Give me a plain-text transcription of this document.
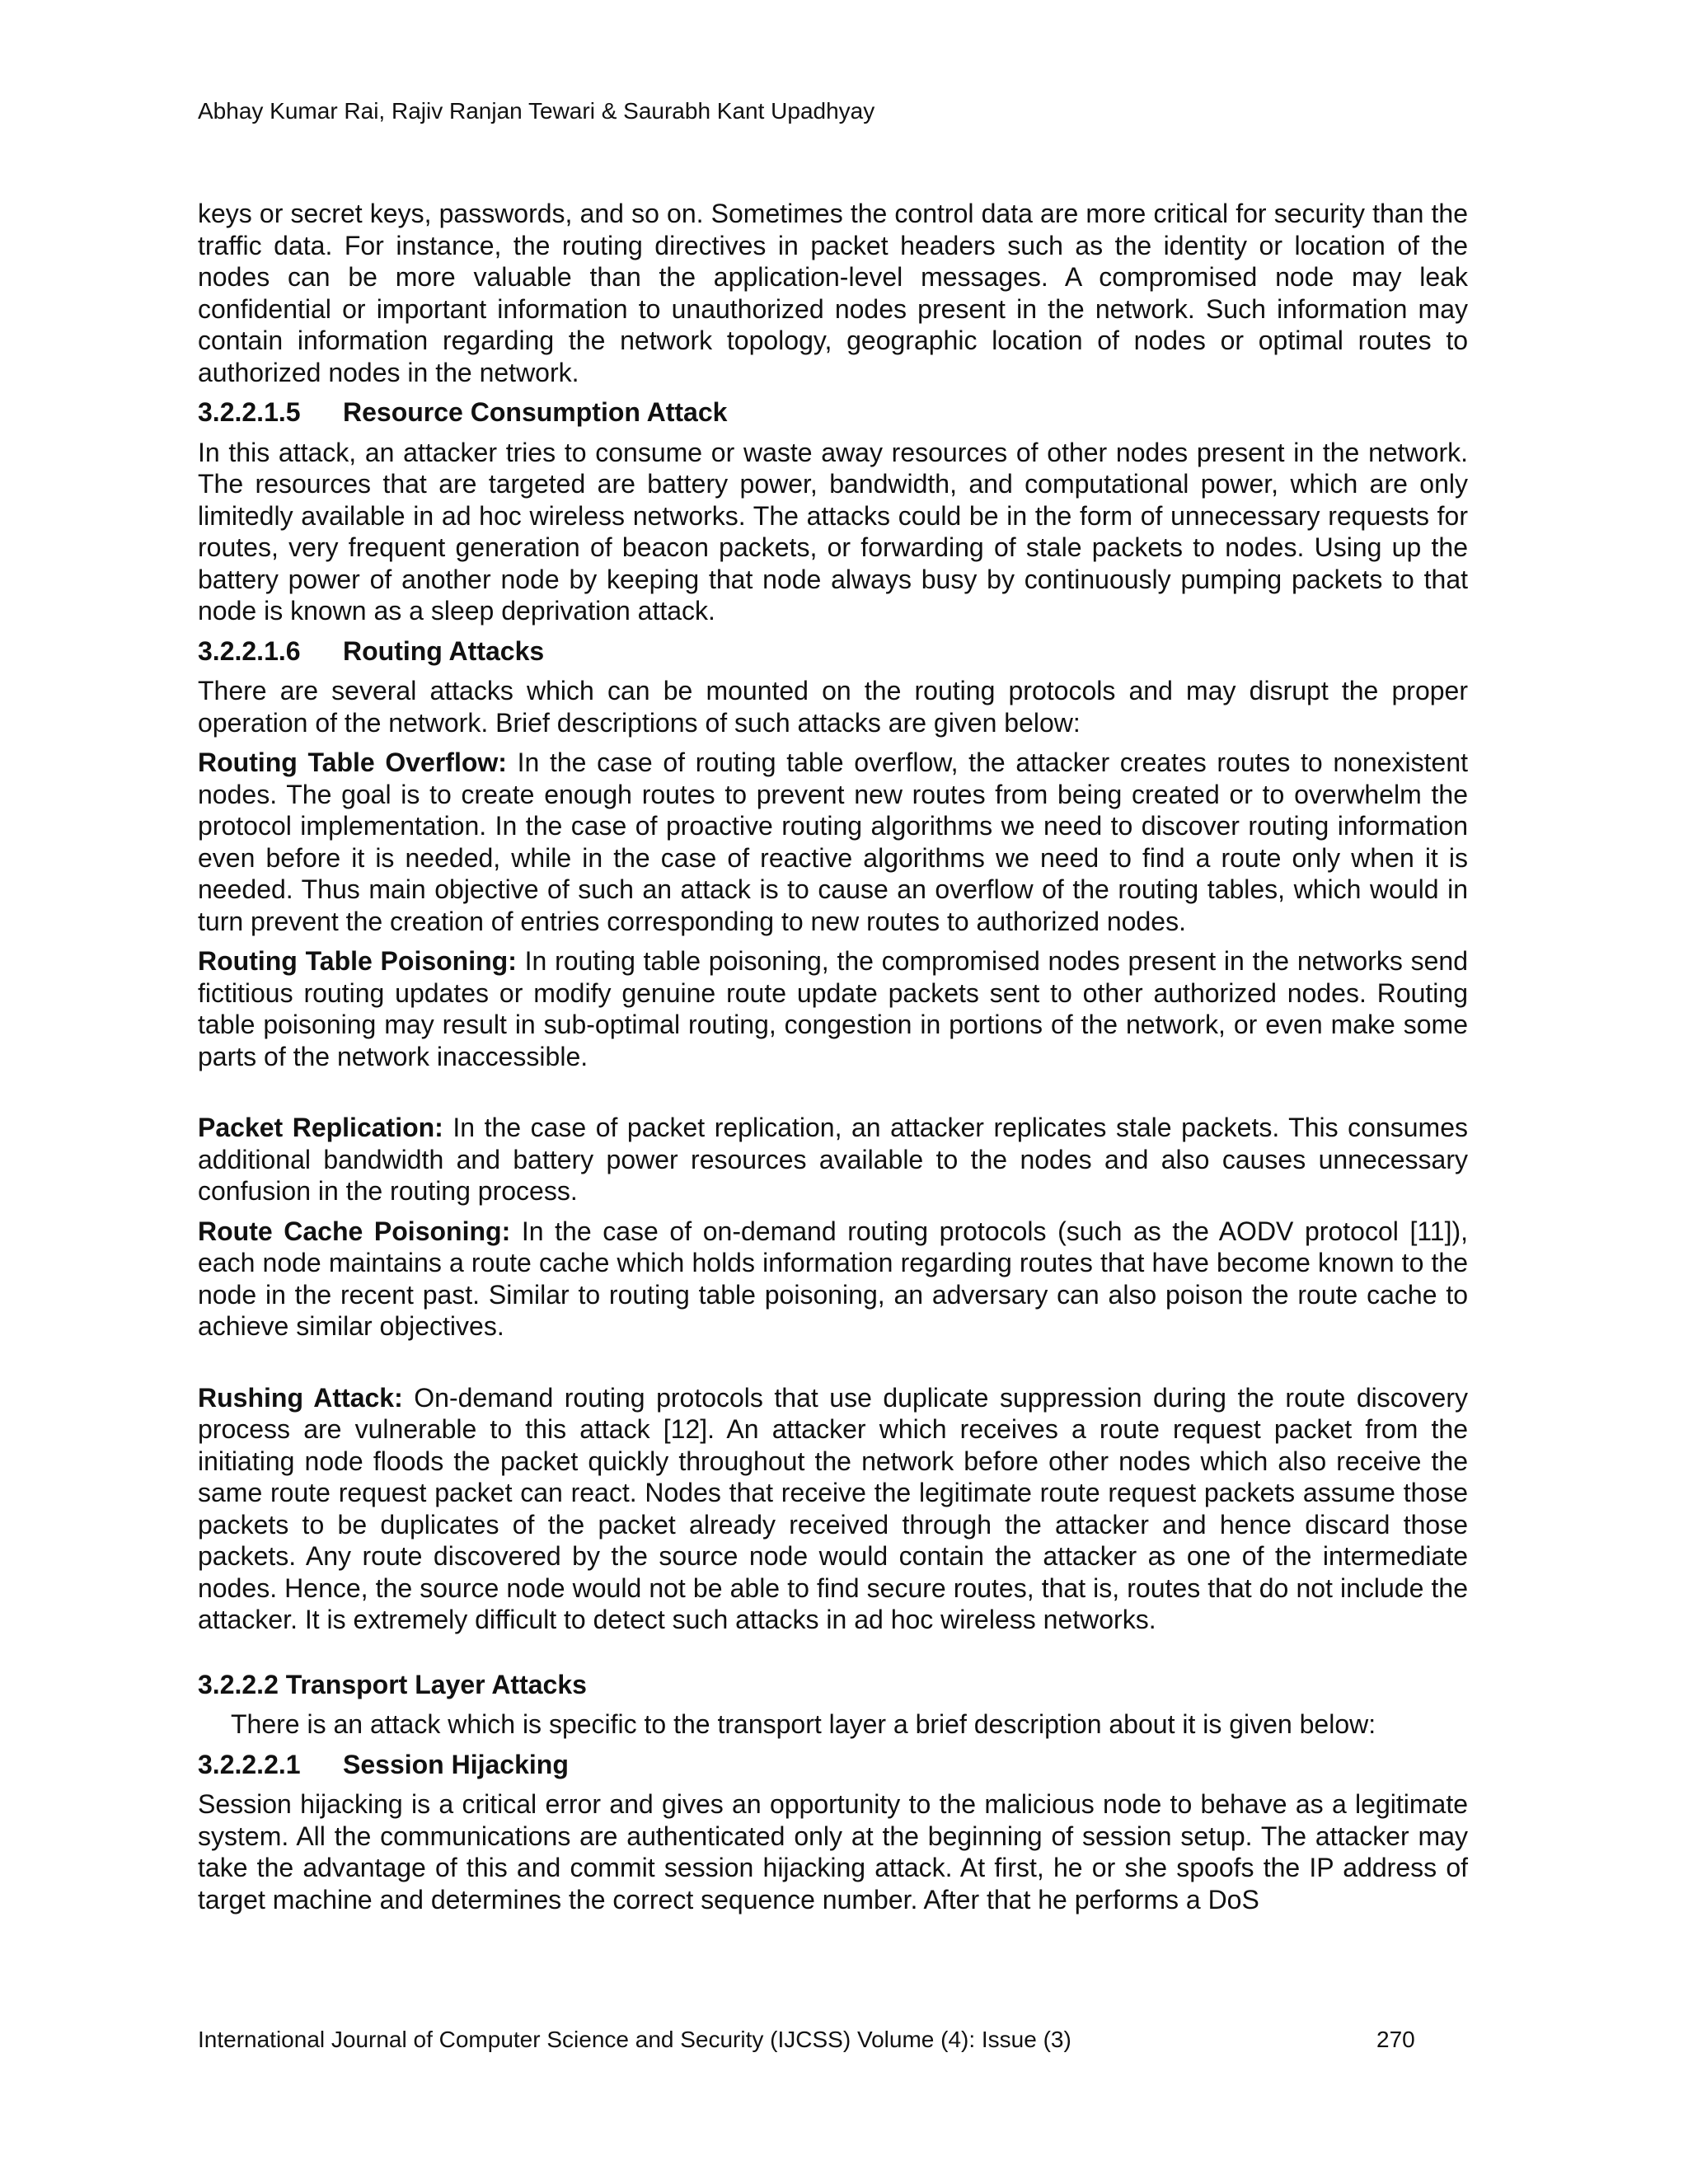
Abhay Kumar Rai, Rajiv Ranjan Tewari & Saurabh Kant Upadhyay

keys or secret keys, passwords, and so on. Sometimes the control data are more critical for security than the traffic data. For instance, the routing directives in packet headers such as the identity or location of the nodes can be more valuable than the application-level messages. A compromised node may leak confidential or important information to unauthorized nodes present in the network. Such information may contain information regarding the network topology, geographic location of nodes or optimal routes to authorized nodes in the network.

3.2.2.1.5 Resource Consumption Attack

In this attack, an attacker tries to consume or waste away resources of other nodes present in the network. The resources that are targeted are battery power, bandwidth, and computational power, which are only limitedly available in ad hoc wireless networks. The attacks could be in the form of unnecessary requests for routes, very frequent generation of beacon packets, or forwarding of stale packets to nodes. Using up the battery power of another node by keeping that node always busy by continuously pumping packets to that node is known as a sleep deprivation attack.

3.2.2.1.6 Routing Attacks

There are several attacks which can be mounted on the routing protocols and may disrupt the proper operation of the network. Brief descriptions of such attacks are given below:

Routing Table Overflow: In the case of routing table overflow, the attacker creates routes to nonexistent nodes. The goal is to create enough routes to prevent new routes from being created or to overwhelm the protocol implementation. In the case of proactive routing algorithms we need to discover routing information even before it is needed, while in the case of reactive algorithms we need to find a route only when it is needed. Thus main objective of such an attack is to cause an overflow of the routing tables, which would in turn prevent the creation of entries corresponding to new routes to authorized nodes.

Routing Table Poisoning: In routing table poisoning, the compromised nodes present in the networks send fictitious routing updates or modify genuine route update packets sent to other authorized nodes. Routing table poisoning may result in sub-optimal routing, congestion in portions of the network, or even make some parts of the network inaccessible.

Packet Replication: In the case of packet replication, an attacker replicates stale packets. This consumes additional bandwidth and battery power resources available to the nodes and also causes unnecessary confusion in the routing process.

Route Cache Poisoning: In the case of on-demand routing protocols (such as the AODV protocol [11]), each node maintains a route cache which holds information regarding routes that have become known to the node in the recent past. Similar to routing table poisoning, an adversary can also poison the route cache to achieve similar objectives.

Rushing Attack: On-demand routing protocols that use duplicate suppression during the route discovery process are vulnerable to this attack [12]. An attacker which receives a route request packet from the initiating node floods the packet quickly throughout the network before other nodes which also receive the same route request packet can react. Nodes that receive the legitimate route request packets assume those packets to be duplicates of the packet already received through the attacker and hence discard those packets. Any route discovered by the source node would contain the attacker as one of the intermediate nodes. Hence, the source node would not be able to find secure routes, that is, routes that do not include the attacker. It is extremely difficult to detect such attacks in ad hoc wireless networks.

3.2.2.2 Transport Layer Attacks

There is an attack which is specific to the transport layer a brief description about it is given below:

3.2.2.2.1 Session Hijacking

Session hijacking is a critical error and gives an opportunity to the malicious node to behave as a legitimate system. All the communications are authenticated only at the beginning of session setup. The attacker may take the advantage of this and commit session hijacking attack. At first, he or she spoofs the IP address of target machine and determines the correct sequence number. After that he performs a DoS

International Journal of Computer Science and Security (IJCSS) Volume (4): Issue (3)	270
